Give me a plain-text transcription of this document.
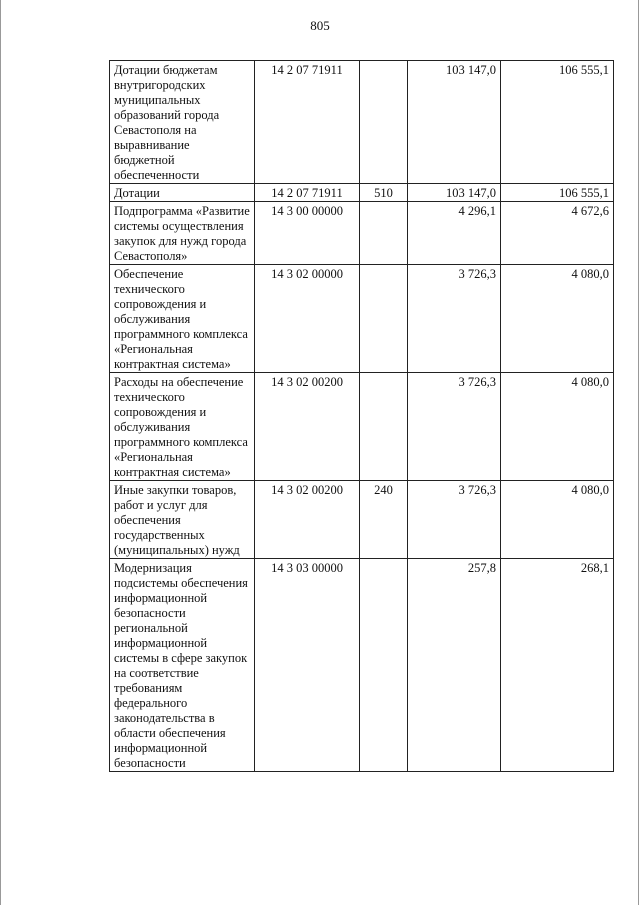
805
Дотации бюджетам внутригородских муниципальных образований города Севастополя на выравнивание бюджетной обеспеченности	14 2 07 71911		103 147,0	106 555,1

Дотации	14 2 07 71911	510	103 147,0	106 555,1

Подпрограмма «Развитие системы осуществления закупок для нужд города Севастополя»	14 3 00 00000		4 296,1	4 672,6

Обеспечение технического сопровождения и обслуживания программного комплекса «Региональная контрактная система»	14 3 02 00000		3 726,3	4 080,0

Расходы на обеспечение технического сопровождения и обслуживания программного комплекса «Региональная контрактная система»	14 3 02 00200		3 726,3	4 080,0

Иные закупки товаров, работ и услуг для обеспечения государственных (муниципальных) нужд	14 3 02 00200	240	3 726,3	4 080,0

Модернизация подсистемы обеспечения информационной безопасности региональной информационной системы в сфере закупок на соответствие требованиям федерального законодательства в области обеспечения информационной безопасности	14 3 03 00000		257,8	268,1
